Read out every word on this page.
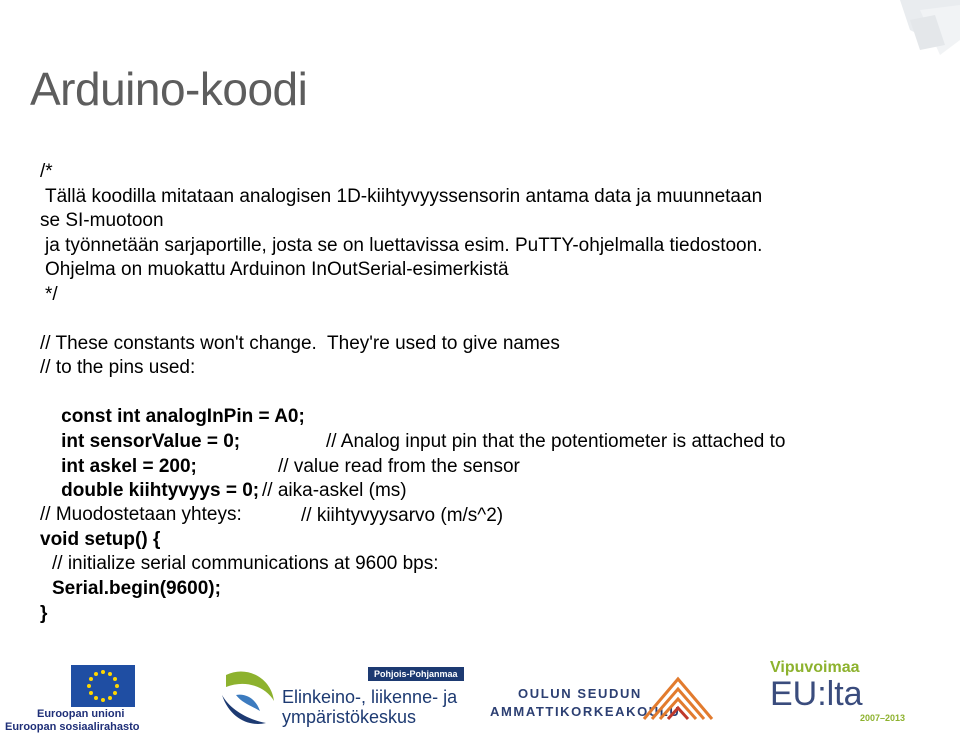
Arduino-koodi
/*
Tällä koodilla mitataan analogisen 1D-kiihtyvyyssensorin antama data ja muunnetaan
se SI-muotoon
ja työnnetään sarjaportille, josta se on luettavissa esim. PuTTY-ohjelmalla tiedostoon.
Ohjelma on muokattu Arduinon InOutSerial-esimerkistä
*/
// These constants won't change.  They're used to give names
// to the pins used:

const int analogInPin = A0;

// Analog input pin that the potentiometer is attached to

int sensorValue = 0;

// value read from the sensor

int askel = 200;

// aika-askel (ms)

double kiihtyvyys = 0;

// kiihtyvyysarvo (m/s^2)

// Muodostetaan yhteys:
void setup() {
// initialize serial communications at 9600 bps:
Serial.begin(9600);
}
Euroopan unioni
Euroopan sosiaalirahasto
Pohjois-Pohjanmaa
Elinkeino-, liikenne- ja
ympäristökeskus
OULUN SEUDUN
AMMATTIKORKEAKOULU
Vipuvoimaa
EU:lta
2007–2013
